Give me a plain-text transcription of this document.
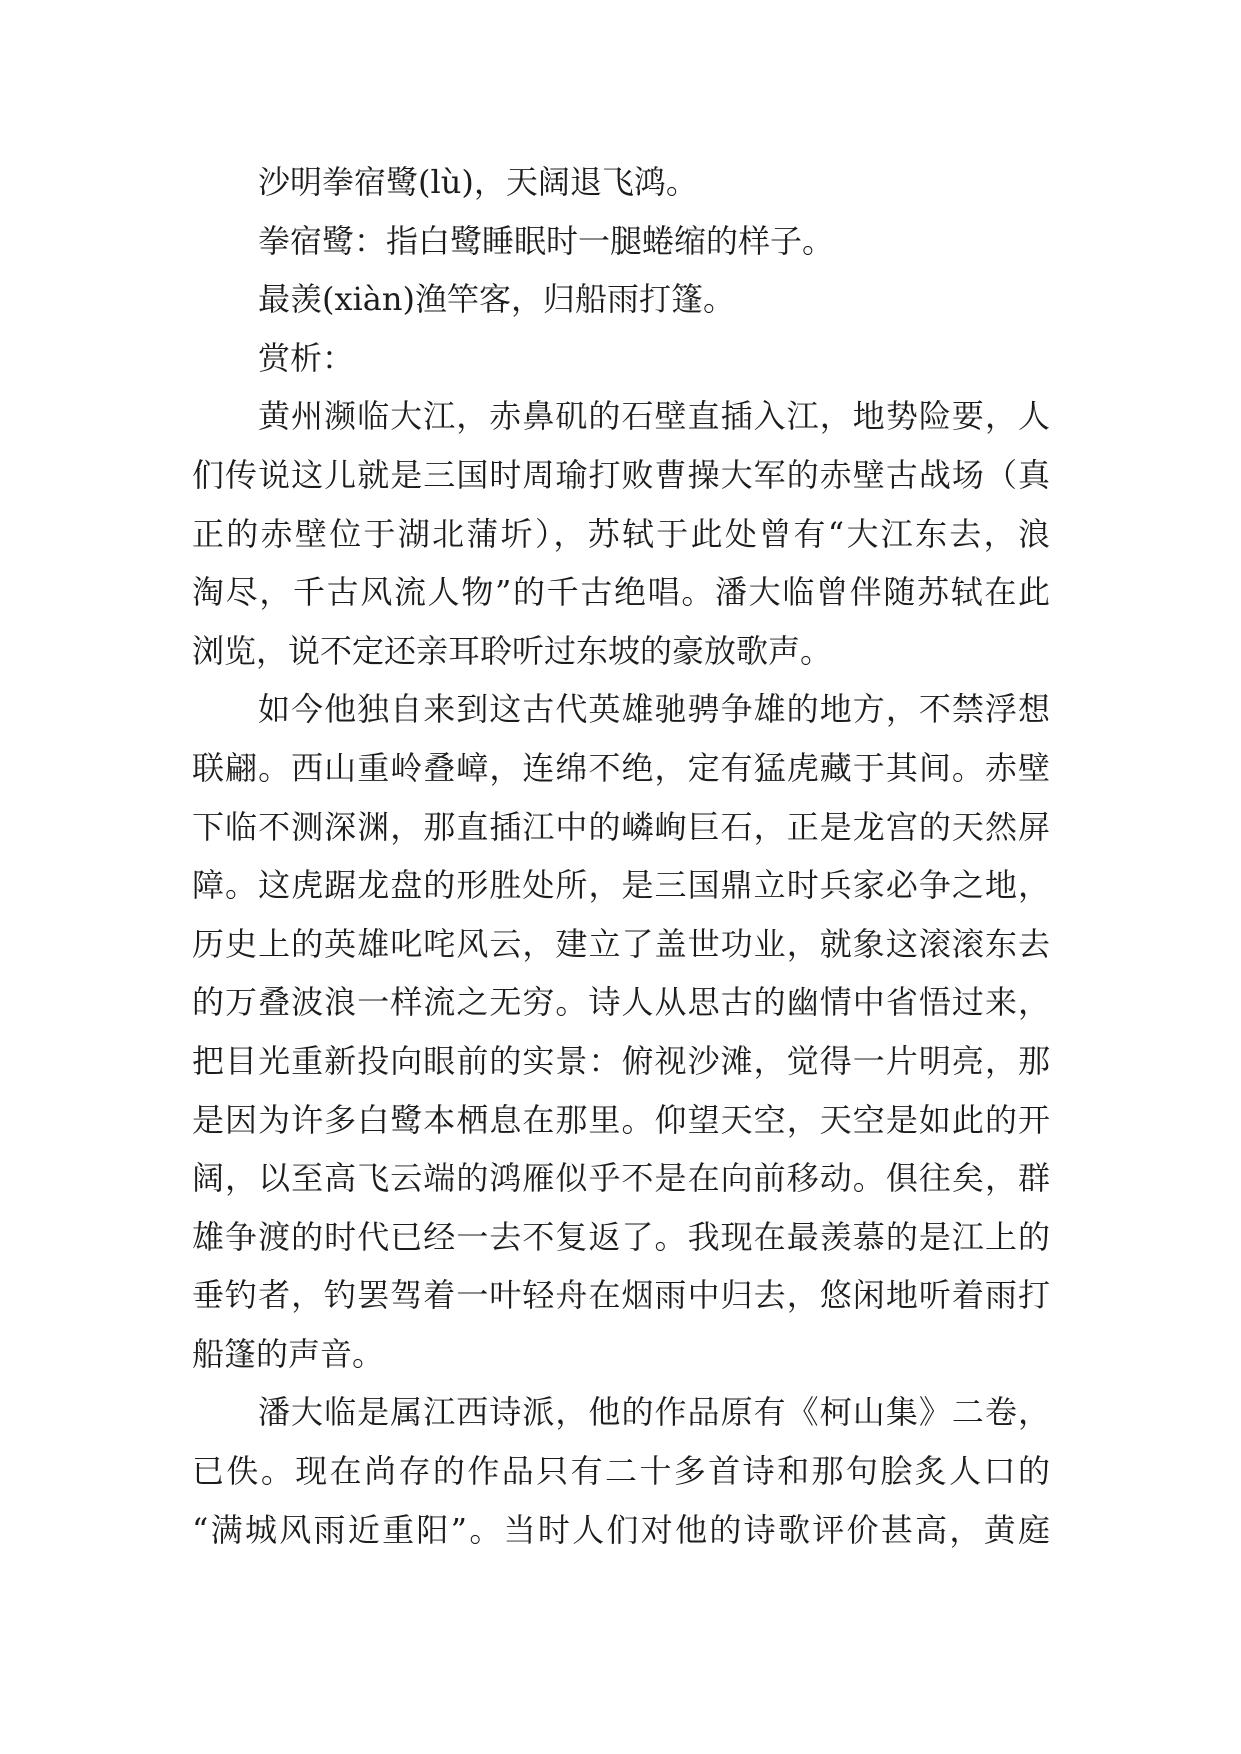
沙明拳宿鹭(lù)，天阔退飞鸿。
拳宿鹭：指白鹭睡眠时一腿蜷缩的样子。
最羡(xiàn)渔竿客，归船雨打篷。
赏析：
黄州濒临大江，赤鼻矶的石壁直插入江，地势险要，人
们传说这儿就是三国时周瑜打败曹操大军的赤壁古战场（真
正的赤壁位于湖北蒲圻），苏轼于此处曾有“大江东去，浪
淘尽，千古风流人物”的千古绝唱。潘大临曾伴随苏轼在此
浏览，说不定还亲耳聆听过东坡的豪放歌声。
如今他独自来到这古代英雄驰骋争雄的地方，不禁浮想
联翩。西山重岭叠嶂，连绵不绝，定有猛虎藏于其间。赤壁
下临不测深渊，那直插江中的嶙峋巨石，正是龙宫的天然屏
障。这虎踞龙盘的形胜处所，是三国鼎立时兵家必争之地，
历史上的英雄叱咤风云，建立了盖世功业，就象这滚滚东去
的万叠波浪一样流之无穷。诗人从思古的幽情中省悟过来，
把目光重新投向眼前的实景：俯视沙滩，觉得一片明亮，那
是因为许多白鹭本栖息在那里。仰望天空，天空是如此的开
阔，以至高飞云端的鸿雁似乎不是在向前移动。俱往矣，群
雄争渡的时代已经一去不复返了。我现在最羡慕的是江上的
垂钓者，钓罢驾着一叶轻舟在烟雨中归去，悠闲地听着雨打
船篷的声音。
潘大临是属江西诗派，他的作品原有《柯山集》二卷，
已佚。现在尚存的作品只有二十多首诗和那句脍炙人口的
“满城风雨近重阳”。当时人们对他的诗歌评价甚高，黄庭
